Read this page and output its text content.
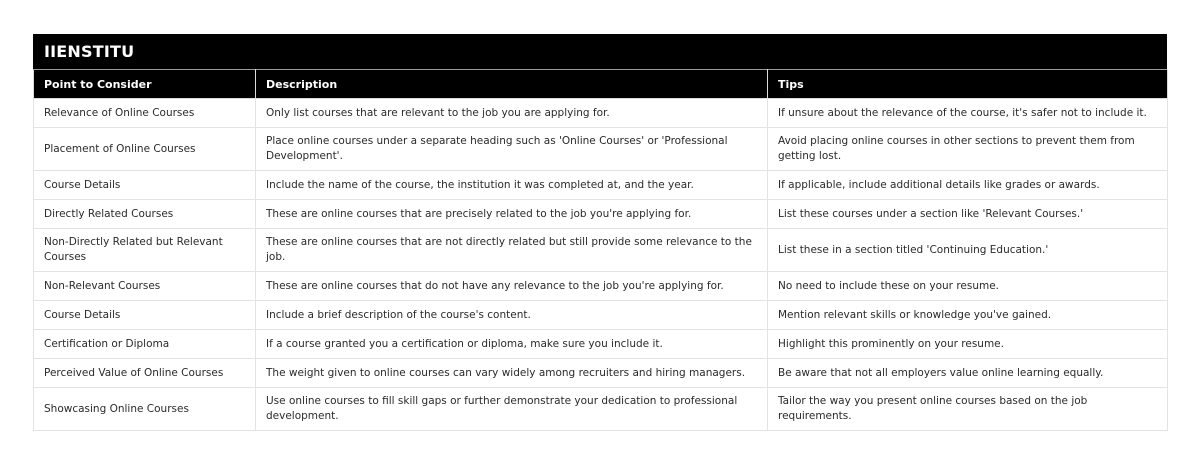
IIENSTITU
Point to Consider	Description	Tips
Relevance of Online Courses	Only list courses that are relevant to the job you are applying for.	If unsure about the relevance of the course, it's safer not to include it.
Placement of Online Courses	Place online courses under a separate heading such as 'Online Courses' or 'Professional Development'.	Avoid placing online courses in other sections to prevent them from getting lost.
Course Details	Include the name of the course, the institution it was completed at, and the year.	If applicable, include additional details like grades or awards.
Directly Related Courses	These are online courses that are precisely related to the job you're applying for.	List these courses under a section like 'Relevant Courses.'
Non-Directly Related but Relevant Courses	These are online courses that are not directly related but still provide some relevance to the job.	List these in a section titled 'Continuing Education.'
Non-Relevant Courses	These are online courses that do not have any relevance to the job you're applying for.	No need to include these on your resume.
Course Details	Include a brief description of the course's content.	Mention relevant skills or knowledge you've gained.
Certification or Diploma	If a course granted you a certification or diploma, make sure you include it.	Highlight this prominently on your resume.
Perceived Value of Online Courses	The weight given to online courses can vary widely among recruiters and hiring managers.	Be aware that not all employers value online learning equally.
Showcasing Online Courses	Use online courses to fill skill gaps or further demonstrate your dedication to professional development.	Tailor the way you present online courses based on the job requirements.
